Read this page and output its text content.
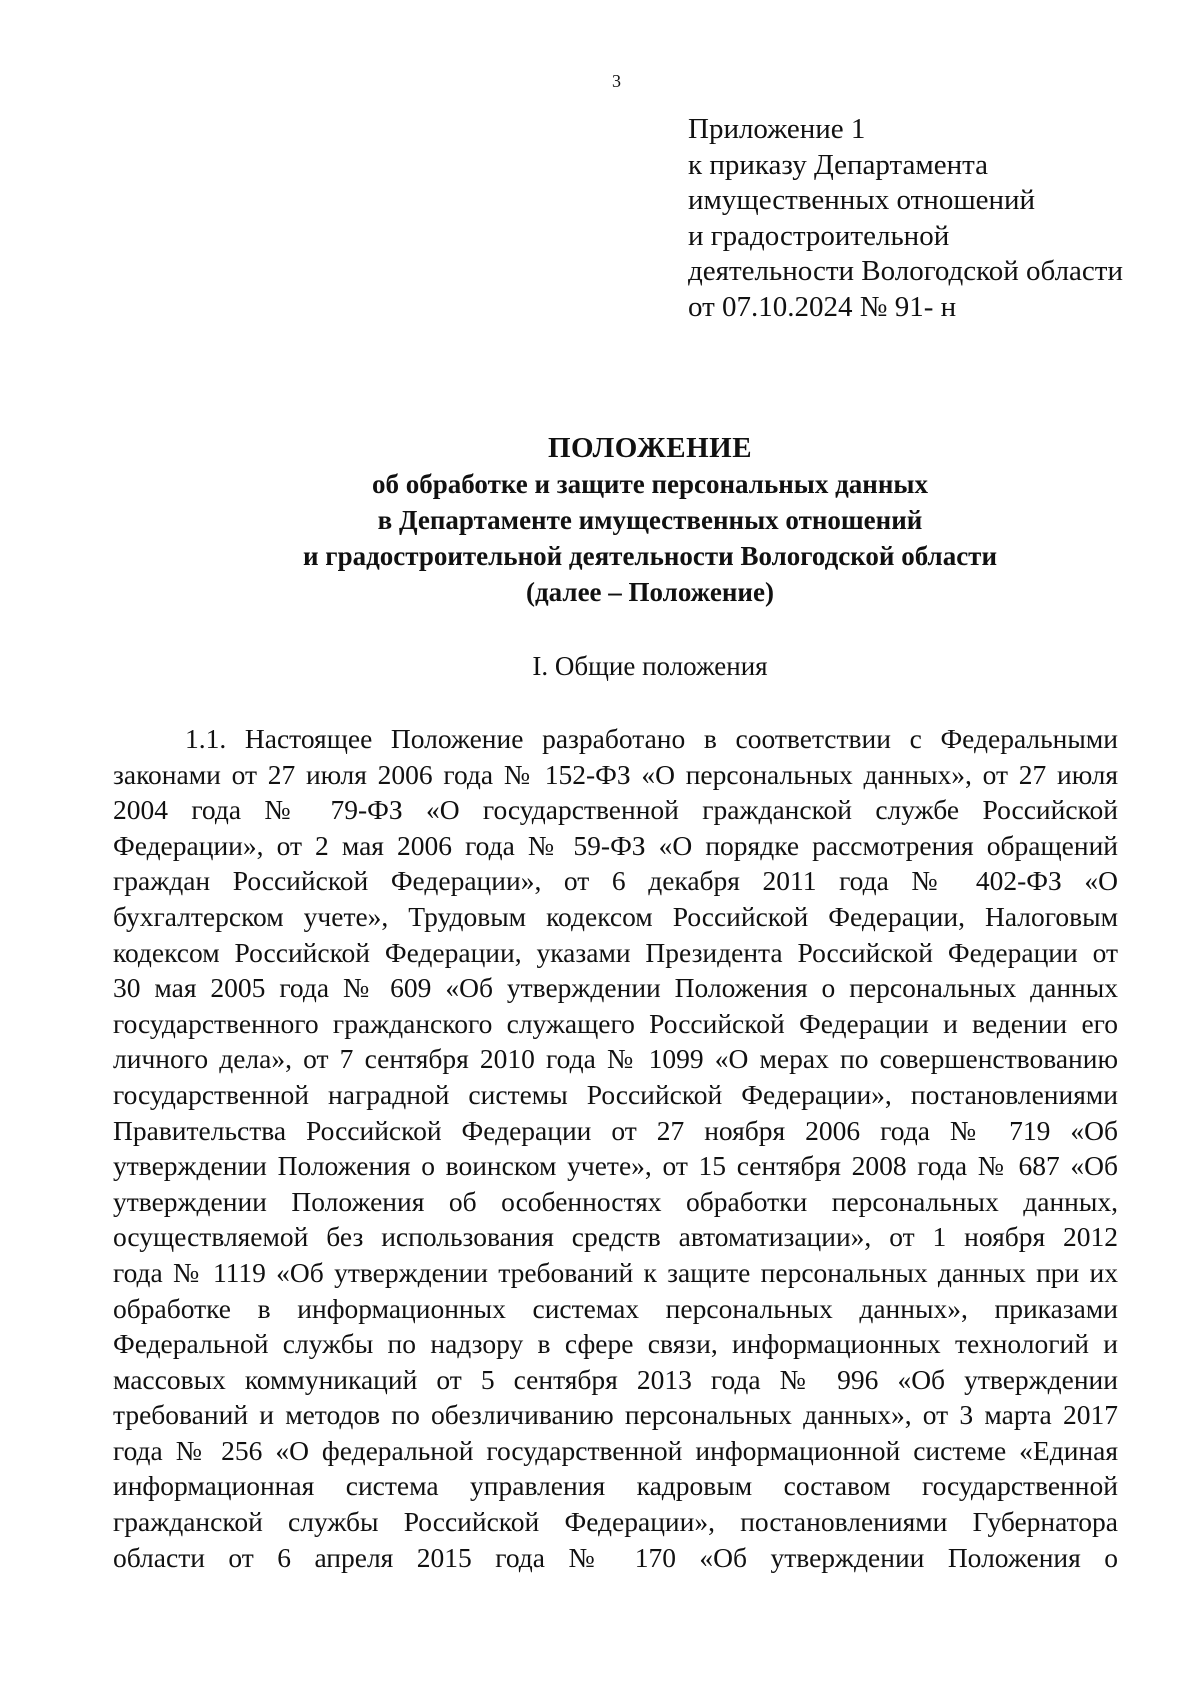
3
Приложение 1
к приказу Департамента
имущественных отношений
и градостроительной
деятельности Вологодской области
от 07.10.2024 № 91- н
ПОЛОЖЕНИЕ
об обработке и защите персональных данных
в Департаменте имущественных отношений
и градостроительной деятельности Вологодской области
(далее – Положение)
I. Общие положения
1.1. Настоящее Положение разработано в соответствии с Федеральными
законами от 27 июля 2006 года № 152-ФЗ «О персональных данных», от 27 июля
2004 года № 79-ФЗ «О государственной гражданской службе Российской
Федерации», от 2 мая 2006 года № 59-ФЗ «О порядке рассмотрения обращений
граждан Российской Федерации», от 6 декабря 2011 года № 402-ФЗ «О
бухгалтерском учете», Трудовым кодексом Российской Федерации, Налоговым
кодексом Российской Федерации, указами Президента Российской Федерации от
30 мая 2005 года № 609 «Об утверждении Положения о персональных данных
государственного гражданского служащего Российской Федерации и ведении его
личного дела», от 7 сентября 2010 года № 1099 «О мерах по совершенствованию
государственной наградной системы Российской Федерации», постановлениями
Правительства Российской Федерации от 27 ноября 2006 года № 719 «Об
утверждении Положения о воинском учете», от 15 сентября 2008 года № 687 «Об
утверждении Положения об особенностях обработки персональных данных,
осуществляемой без использования средств автоматизации», от 1 ноября 2012
года № 1119 «Об утверждении требований к защите персональных данных при их
обработке в информационных системах персональных данных», приказами
Федеральной службы по надзору в сфере связи, информационных технологий и
массовых коммуникаций от 5 сентября 2013 года № 996 «Об утверждении
требований и методов по обезличиванию персональных данных», от 3 марта 2017
года № 256 «О федеральной государственной информационной системе «Единая
информационная система управления кадровым составом государственной
гражданской службы Российской Федерации», постановлениями Губернатора
области от 6 апреля 2015 года № 170 «Об утверждении Положения о
